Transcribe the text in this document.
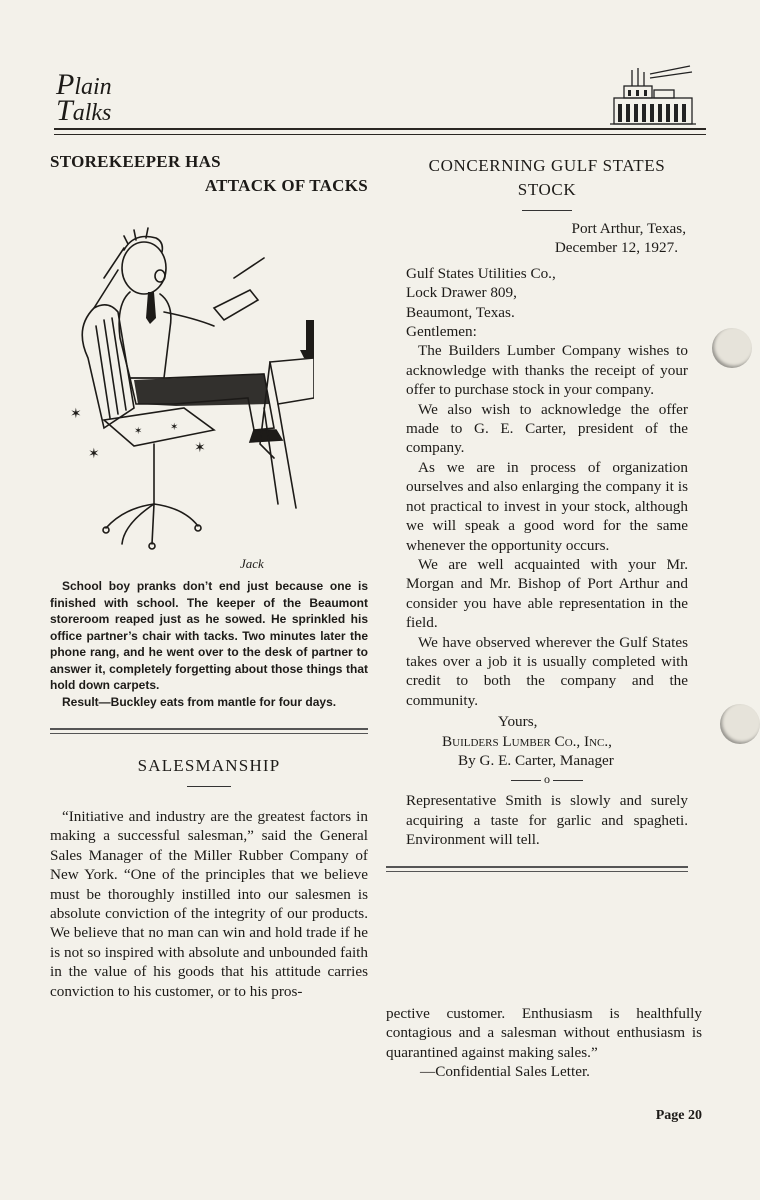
Plain
Talks
STOREKEEPER HAS
ATTACK OF TACKS
✶
✶	✶
✶	✶
Jack

School boy pranks don’t end just because one is finished with school. The keeper of the Beaumont storeroom reaped just as he sowed. He sprinkled his office partner’s chair with tacks. Two minutes later the phone rang, and he went over to the desk of partner to answer it, completely forgetting about those things that hold down carpets.

Result—Buckley eats from mantle for four days.

SALESMANSHIP

“Initiative and industry are the greatest factors in making a successful salesman,” said the General Sales Manager of the Miller Rubber Company of New York. “One of the principles that we believe must be thoroughly instilled into our salesmen is absolute conviction of the integrity of our products. We believe that no man can win and hold trade if he is not so inspired with absolute and unbounded faith in the value of his goods that his attitude carries conviction to his customer, or to his pros-

CONCERNING GULF STATES
STOCK
Port Arthur, Texas,
December 12, 1927.
Gulf States Utilities Co.,
Lock Drawer 809,
Beaumont, Texas.
Gentlemen:

The Builders Lumber Company wishes to acknowledge with thanks the receipt of your offer to purchase stock in your company.

We also wish to acknowledge the offer made to G. E. Carter, president of the company.

As we are in process of organization ourselves and also enlarging the company it is not practical to invest in your stock, although we will speak a good word for the same whenever the opportunity occurs.

We are well acquainted with your Mr. Morgan and Mr. Bishop of Port Arthur and consider you have able representation in the field.

We have observed wherever the Gulf States takes over a job it is usually completed with credit to both the company and the community.

Yours,
Builders Lumber Co., Inc.,
By G. E. Carter, Manager
o

Representative Smith is slowly and surely acquiring a taste for garlic and spagheti. Environment will tell.

pective customer. Enthusiasm is healthfully contagious and a salesman without enthusiasm is quarantined against making sales.”

—Confidential Sales Letter.
Page 20
